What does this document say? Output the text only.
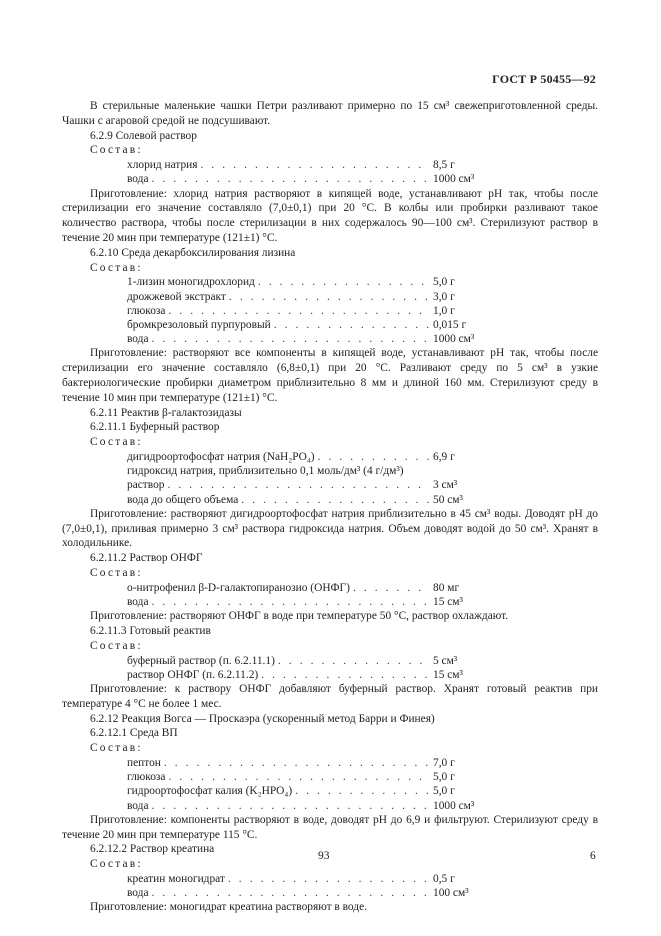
ГОСТ Р 50455—92
В стерильные маленькие чашки Петри разливают примерно по 15 см³ свежеприготовленной среды. Чашки с агаровой средой не подсушивают.
6.2.9 Солевой раствор
Состав:
хлорид натрия . . .	8,5 г
вода . . .	1000 см³
Приготовление: хлорид натрия растворяют в кипящей воде, устанавливают pH так, чтобы после стерилизации его значение составляло (7,0±0,1) при 20 °С. В колбы или пробирки разливают такое количество раствора, чтобы после стерилизации в них содержалось 90—100 см³. Стерилизуют раствор в течение 20 мин при температуре (121±1) °С.
6.2.10 Среда декарбоксилирования лизина
Состав:
1-лизин моногидрохлорид . . .	5,0 г
дрожжевой экстракт . . .	3,0 г
глюкоза . . .	1,0 г
бромкрезоловый пурпуровый . . .	0,015 г
вода . . .	1000 см³
Приготовление: растворяют все компоненты в кипящей воде, устанавливают pH так, чтобы после стерилизации его значение составляло (6,8±0,1) при 20 °С. Разливают среду по 5 см³ в узкие бактериологические пробирки диаметром приблизительно 8 мм и длиной 160 мм. Стерилизуют среду в течение 10 мин при температуре (121±1) °С.
6.2.11 Реактив β-галактозидазы
6.2.11.1 Буферный раствор
Состав:
дигидроортофосфат натрия (NaH₂PO₄) . . .	6,9 г
гидроксид натрия, приблизительно 0,1 моль/дм³ (4 г/дм³)
раствор . . .	3 см³
вода до общего объема . . .	50 см³
Приготовление: растворяют дигидроортофосфат натрия приблизительно в 45 см³ воды. Доводят pH до (7,0±0,1), приливая примерно 3 см³ раствора гидроксида натрия. Объем доводят водой до 50 см³. Хранят в холодильнике.
6.2.11.2 Раствор ОНФГ
Состав:
о-нитрофенил β-D-галактопиранозио (ОНФГ) . . .	80 мг
вода . . .	15 см³
Приготовление: растворяют ОНФГ в воде при температуре 50 °С, раствор охлаждают.
6.2.11.3 Готовый реактив
Состав:
буферный раствор (п. 6.2.11.1) . . .	5 см³
раствор ОНФГ (п. 6.2.11.2) . . .	15 см³
Приготовление: к раствору ОНФГ добавляют буферный раствор. Хранят готовый реактив при температуре 4 °С не более 1 мес.
6.2.12 Реакция Вогса — Проскаэра (ускоренный метод Барри и Финея)
6.2.12.1 Среда ВП
Состав:
пептон . . .	7,0 г
глюкоза . . .	5,0 г
гидроортофосфат калия (K₂HPO₄) . . .	5,0 г
вода . . .	1000 см³
Приготовление: компоненты растворяют в воде, доводят pH до 6,9 и фильтруют. Стерилизуют среду в течение 20 мин при температуре 115 °С.
6.2.12.2 Раствор креатина
Состав:
креатин моногидрат . . .	0,5 г
вода . . .	100 см³
Приготовление: моногидрат креатина растворяют в воде.
93	6
